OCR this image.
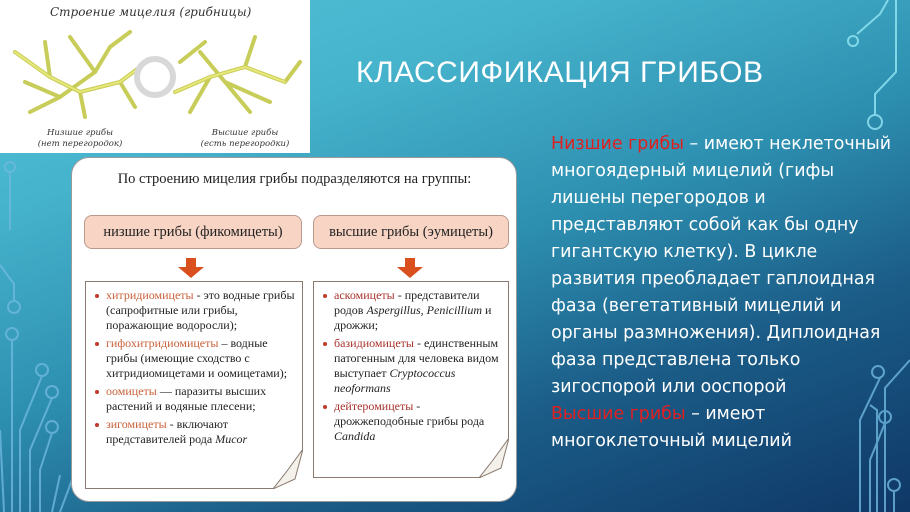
Строение мицелия (грибницы)
Низшие грибы
(нет перегородок)
Высшие грибы
(есть перегородки)
КЛАССИФИКАЦИЯ ГРИБОВ
По строению мицелия грибы подразделяются на группы:
низшие грибы (фикомицеты)	высшие грибы (эумицеты)
хитридиомицеты - это водные грибы (сапрофитные или грибы, поражающие водоросли);
гифохитридиомицеты – водные грибы (имеющие сходство с хитридиомицетами и оомицетами);
оомицеты — паразиты высших растений и водяные плесени;
зигомицеты - включают представителей рода Mucor
аскомицеты - представители родов Aspergillus, Penicillium и дрожжи;
базидиомицеты - единственным патогенным для человека видом выступает Cryptococcus neoformans
дейтеромицеты - дрожжеподобные грибы рода Candida
Низшие грибы – имеют неклеточный многоядерный мицелий (гифы лишены перегородов и представляют собой как бы одну гигантскую клетку). В цикле развития преобладает гаплоидная фаза (вегетативный мицелий и органы размножения). Диплоидная фаза представлена только зигоспорой или ооспорой
Высшие грибы – имеют многоклеточный мицелий
